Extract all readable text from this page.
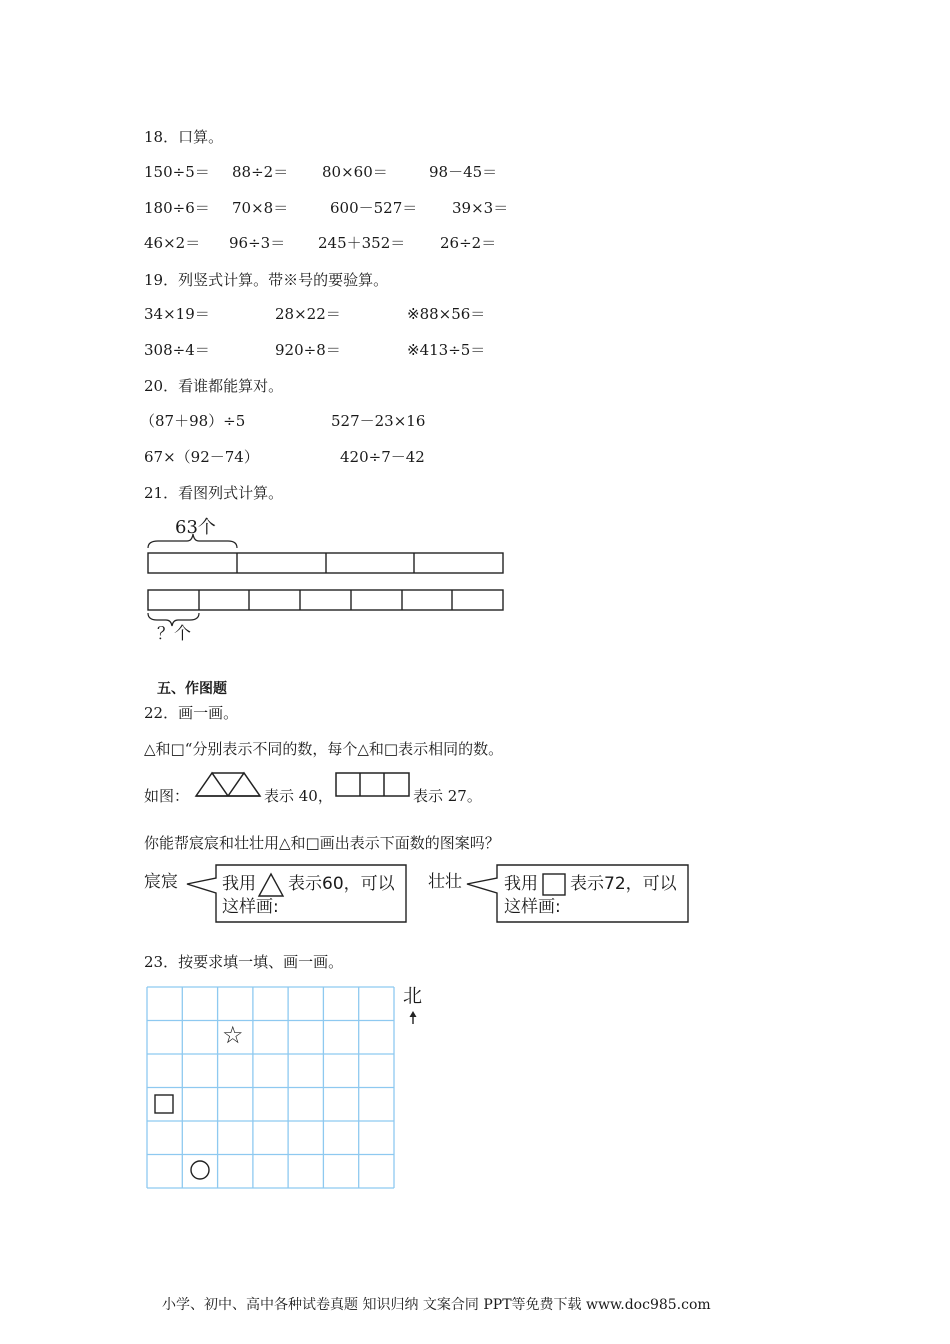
18．口算。
150÷5＝ 88÷2＝ 80×60＝	98－45＝
180÷6＝ 70×8＝	600－527＝ 39×3＝
46×2＝ 96÷3＝ 245＋352＝ 26÷2＝
19．列竖式计算。带※号的要验算。
34×19＝	28×22＝	※88×56＝
308÷4＝	920÷8＝	※413÷5＝
20．看谁都能算对。
（87＋98）÷5	527－23×16
67×（92－74）	420÷7－42
21．看图列式计算。
63个
？个
五、作图题
22．画一画。
△和□“分别表示不同的数，每个△和□表示相同的数。
如图：	表示 40，	表示 27。
你能帮宸宸和壮壮用△和□画出表示下面数的图案吗？
宸宸	我用 表示60，可以
这样画:
壮壮 我用 表示72，可以
这样画:
23．按要求填一填、画一画。
☆
北
小学、初中、高中各种试卷真题 知识归纳 文案合同 PPT等免费下载 www.doc985.com
